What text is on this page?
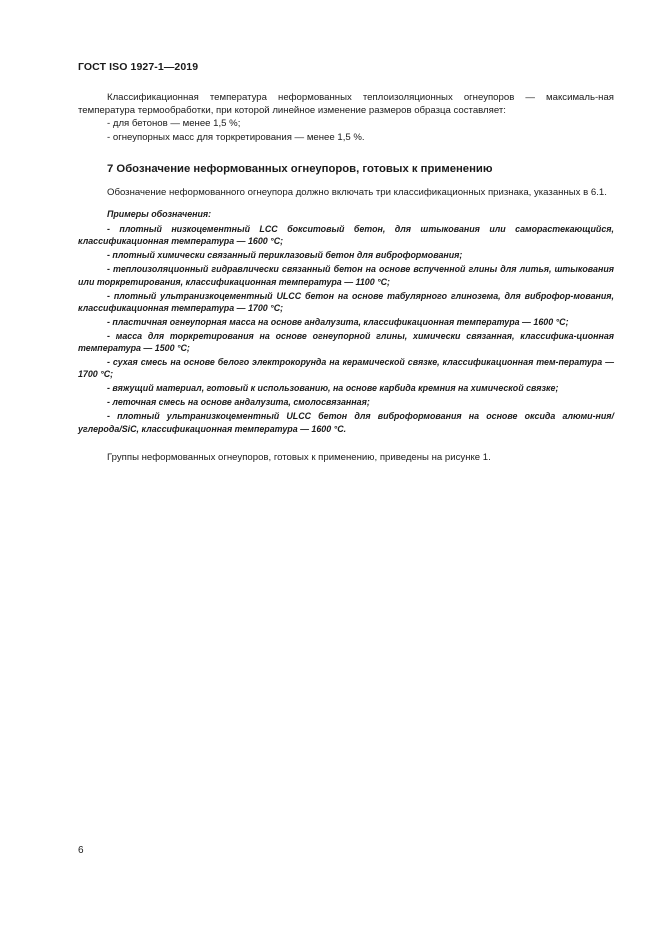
ГОСТ ISO 1927-1—2019

Классификационная температура неформованных теплоизоляционных огнеупоров — максималь-ная температура термообработки, при которой линейное изменение размеров образца составляет:

- для бетонов — менее 1,5 %;

- огнеупорных масс для торкретирования — менее 1,5 %.

7 Обозначение неформованных огнеупоров, готовых к применению

Обозначение неформованного огнеупора должно включать три классификационных признака, указанных в 6.1.

Примеры обозначения:

- плотный низкоцементный LCC бокситовый бетон, для штыкования или саморастекающийся, классификационная температура — 1600 °C;

- плотный химически связанный периклазовый бетон для виброформования;

- теплоизоляционный гидравлически связанный бетон на основе вспученной глины для литья, штыкования или торкретирования, классификационная температура — 1100 °C;

- плотный ультранизкоцементный ULCC бетон на основе табулярного глинозема, для виброфор-мования, классификационная температура — 1700 °C;

- пластичная огнеупорная масса на основе андалузита, классификационная температура — 1600 °C;

- масса для торкретирования на основе огнеупорной глины, химически связанная, классифика-ционная температура — 1500 °C;

- сухая смесь на основе белого электрокорунда на керамической связке, классификационная тем-пература — 1700 °C;

- вяжущий материал, готовый к использованию, на основе карбида кремния на химической связке;

- леточная смесь на основе андалузита, смолосвязанная;

- плотный ультранизкоцементный ULCC бетон для виброформования на основе оксида алюми-ния/углерода/SiC, классификационная температура — 1600 °C.

Группы неформованных огнеупоров, готовых к применению, приведены на рисунке 1.

6
